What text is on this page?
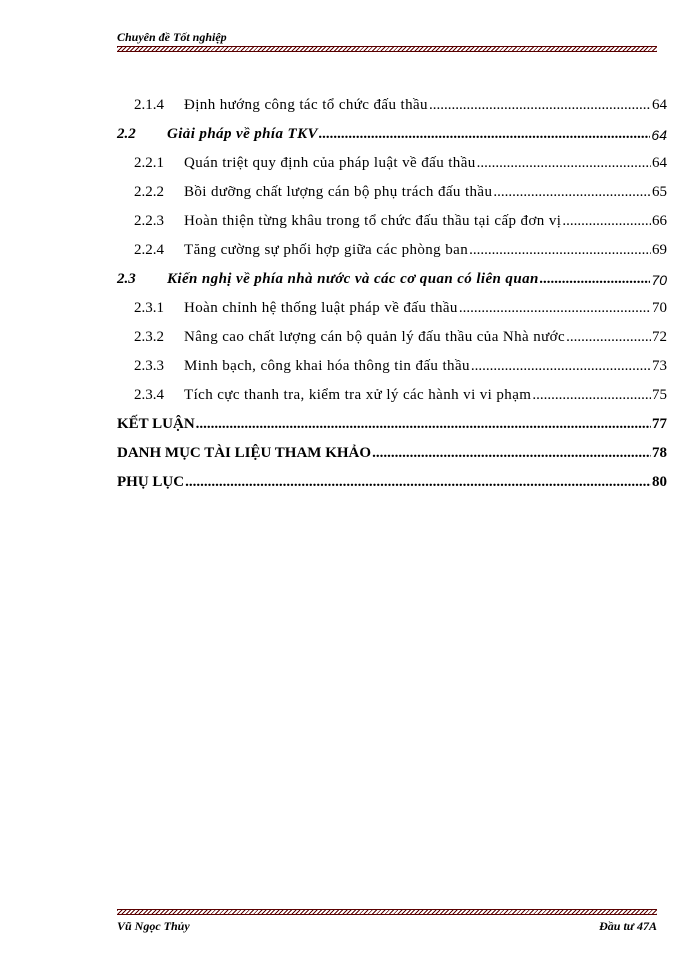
Chuyên đề Tốt nghiệp
2.1.4	Định hướng công tác tổ chức đấu thầu .....	64
2.2	Giải pháp về phía TKV .....	64
2.2.1	Quán triệt quy định của pháp luật về đấu thầu .....	64
2.2.2	Bồi dưỡng chất lượng cán bộ phụ trách đấu thầu .....	65
2.2.3	Hoàn thiện từng khâu trong tổ chức đấu thầu tại cấp đơn vị .....	66
2.2.4	Tăng cường sự phối hợp giữa các phòng ban .....	69
2.3	Kiến nghị về phía nhà nước và các cơ quan có liên quan .....	70
2.3.1	Hoàn chỉnh hệ thống luật pháp về đấu thầu .....	70
2.3.2	Nâng cao chất lượng cán bộ quản lý đấu thầu của Nhà nước .....	72
2.3.3	Minh bạch, công khai hóa thông tin đấu thầu .....	73
2.3.4	Tích cực thanh tra, kiểm tra xử lý các hành vi vi phạm .....	75
KẾT LUẬN .....	77
DANH MỤC TÀI LIỆU THAM KHẢO .....	78
PHỤ LỤC .....	80
Vũ Ngọc Thủy	Đầu tư 47A
